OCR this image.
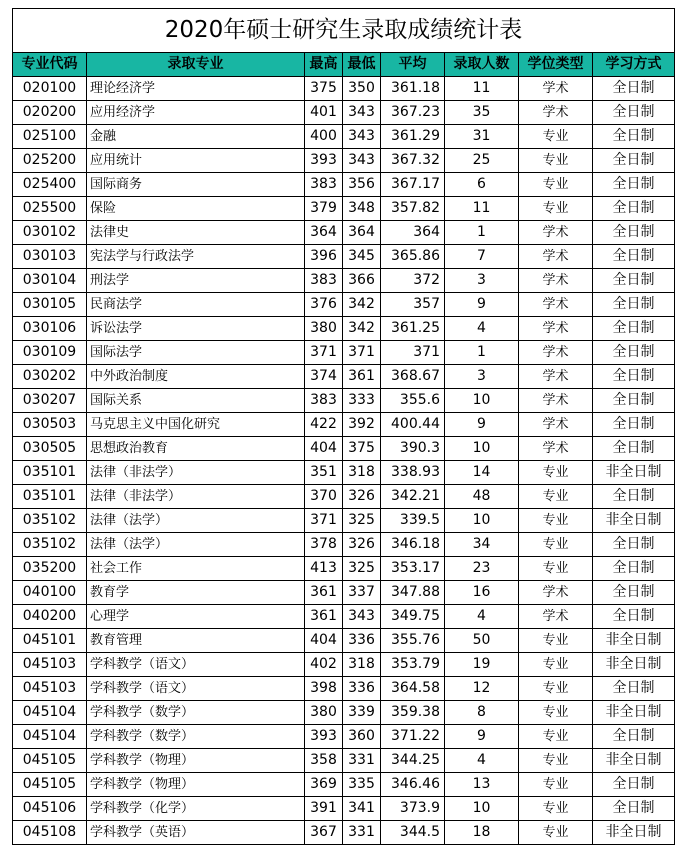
2020年硕士研究生录取成绩统计表							
专业代码	录取专业	最高	最低	平均	录取人数	学位类型	学习方式
020100	理论经济学	375	350	361.18	11	学术	全日制
020200	应用经济学	401	343	367.23	35	学术	全日制
025100	金融	400	343	361.29	31	专业	全日制
025200	应用统计	393	343	367.32	25	专业	全日制
025400	国际商务	383	356	367.17	6	专业	全日制
025500	保险	379	348	357.82	11	专业	全日制
030102	法律史	364	364	364	1	学术	全日制
030103	宪法学与行政法学	396	345	365.86	7	学术	全日制
030104	刑法学	383	366	372	3	学术	全日制
030105	民商法学	376	342	357	9	学术	全日制
030106	诉讼法学	380	342	361.25	4	学术	全日制
030109	国际法学	371	371	371	1	学术	全日制
030202	中外政治制度	374	361	368.67	3	学术	全日制
030207	国际关系	383	333	355.6	10	学术	全日制
030503	马克思主义中国化研究	422	392	400.44	9	学术	全日制
030505	思想政治教育	404	375	390.3	10	学术	全日制
035101	法律（非法学）	351	318	338.93	14	专业	非全日制
035101	法律（非法学）	370	326	342.21	48	专业	全日制
035102	法律（法学）	371	325	339.5	10	专业	非全日制
035102	法律（法学）	378	326	346.18	34	专业	全日制
035200	社会工作	413	325	353.17	23	专业	全日制
040100	教育学	361	337	347.88	16	学术	全日制
040200	心理学	361	343	349.75	4	学术	全日制
045101	教育管理	404	336	355.76	50	专业	非全日制
045103	学科教学（语文）	402	318	353.79	19	专业	非全日制
045103	学科教学（语文）	398	336	364.58	12	专业	全日制
045104	学科教学（数学）	380	339	359.38	8	专业	非全日制
045104	学科教学（数学）	393	360	371.22	9	专业	全日制
045105	学科教学（物理）	358	331	344.25	4	专业	非全日制
045105	学科教学（物理）	369	335	346.46	13	专业	全日制
045106	学科教学（化学）	391	341	373.9	10	专业	全日制
045108	学科教学（英语）	367	331	344.5	18	专业	非全日制
